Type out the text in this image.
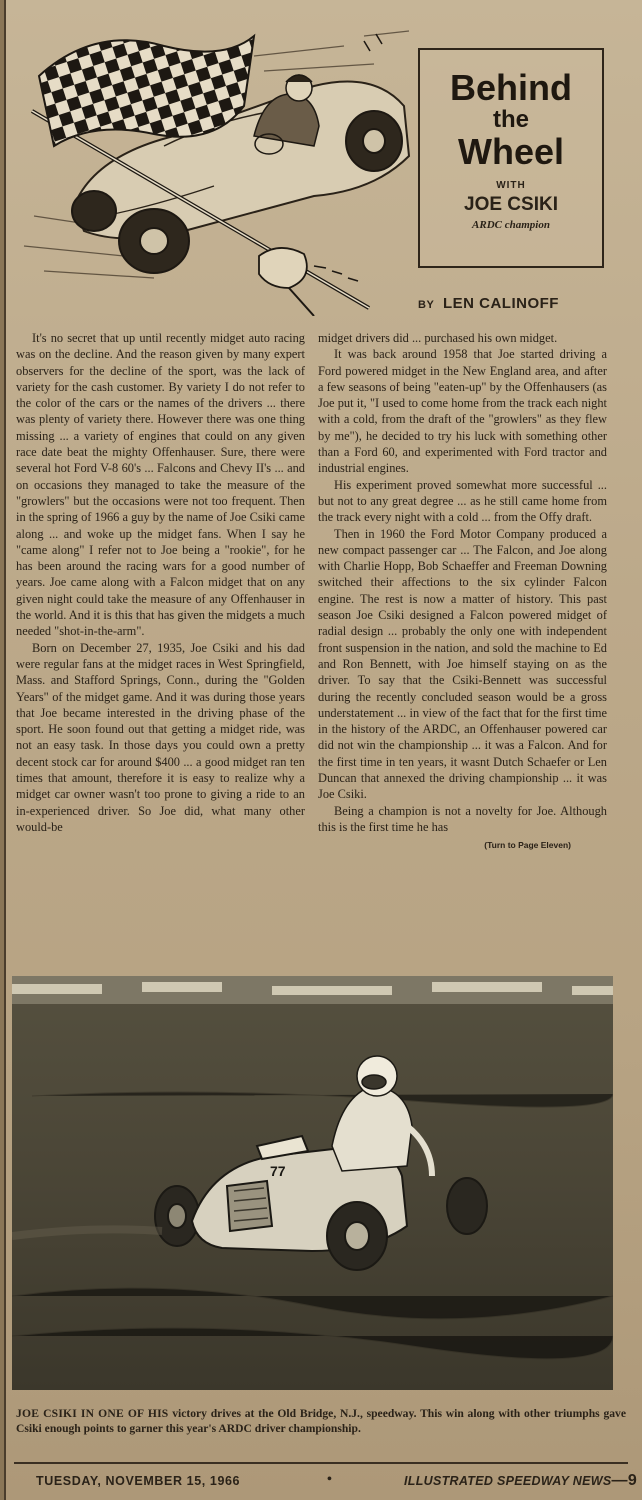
Behind
the
Wheel
WITH
JOE CSIKI
ARDC champion
BY LEN CALINOFF

It's no secret that up until recently midget auto racing was on the decline. And the reason given by many expert observers for the decline of the sport, was the lack of variety for the cash customer. By variety I do not refer to the color of the cars or the names of the drivers ... there was plenty of variety there. However there was one thing missing ... a variety of engines that could on any given race date beat the mighty Offenhauser. Sure, there were several hot Ford V-8 60's ... Falcons and Chevy II's ... and on occasions they managed to take the measure of the "growlers" but the occasions were not too frequent. Then in the spring of 1966 a guy by the name of Joe Csiki came along ... and woke up the midget fans. When I say he "came along" I refer not to Joe being a "rookie", for he has been around the racing wars for a good number of years. Joe came along with a Falcon midget that on any given night could take the measure of any Offenhauser in the world. And it is this that has given the midgets a much needed "shot-in-the-arm".

Born on December 27, 1935, Joe Csiki and his dad were regular fans at the midget races in West Springfield, Mass. and Stafford Springs, Conn., during the "Golden Years" of the midget game. And it was during those years that Joe became interested in the driving phase of the sport. He soon found out that getting a midget ride, was not an easy task. In those days you could own a pretty decent stock car for around $400 ... a good midget ran ten times that amount, therefore it is easy to realize why a midget car owner wasn't too prone to giving a ride to an in-experienced driver. So Joe did, what many other would-be

midget drivers did ... purchased his own midget.

It was back around 1958 that Joe started driving a Ford powered midget in the New England area, and after a few seasons of being "eaten-up" by the Offenhausers (as Joe put it, "I used to come home from the track each night with a cold, from the draft of the "growlers" as they flew by me"), he decided to try his luck with something other than a Ford 60, and experimented with Ford tractor and industrial engines.

His experiment proved somewhat more successful ... but not to any great degree ... as he still came home from the track every night with a cold ... from the Offy draft.

Then in 1960 the Ford Motor Company produced a new compact passenger car ... The Falcon, and Joe along with Charlie Hopp, Bob Schaeffer and Freeman Downing switched their affections to the six cylinder Falcon engine. The rest is now a matter of history. This past season Joe Csiki designed a Falcon powered midget of radial design ... probably the only one with independent front suspension in the nation, and sold the machine to Ed and Ron Bennett, with Joe himself staying on as the driver. To say that the Csiki-Bennett was successful during the recently concluded season would be a gross understatement ... in view of the fact that for the first time in the history of the ARDC, an Offenhauser powered car did not win the championship ... it was a Falcon. And for the first time in ten years, it wasnt Dutch Schaefer or Len Duncan that annexed the driving championship ... it was Joe Csiki.

Being a champion is not a novelty for Joe. Although this is the first time he has

(Turn to Page Eleven)
77
JOE CSIKI IN ONE OF HIS victory drives at the Old Bridge, N.J., speedway. This win along with other triumphs gave Csiki enough points to garner this year's ARDC driver championship.
TUESDAY, NOVEMBER 15, 1966	•	ILLUSTRATED SPEEDWAY NEWS—9
